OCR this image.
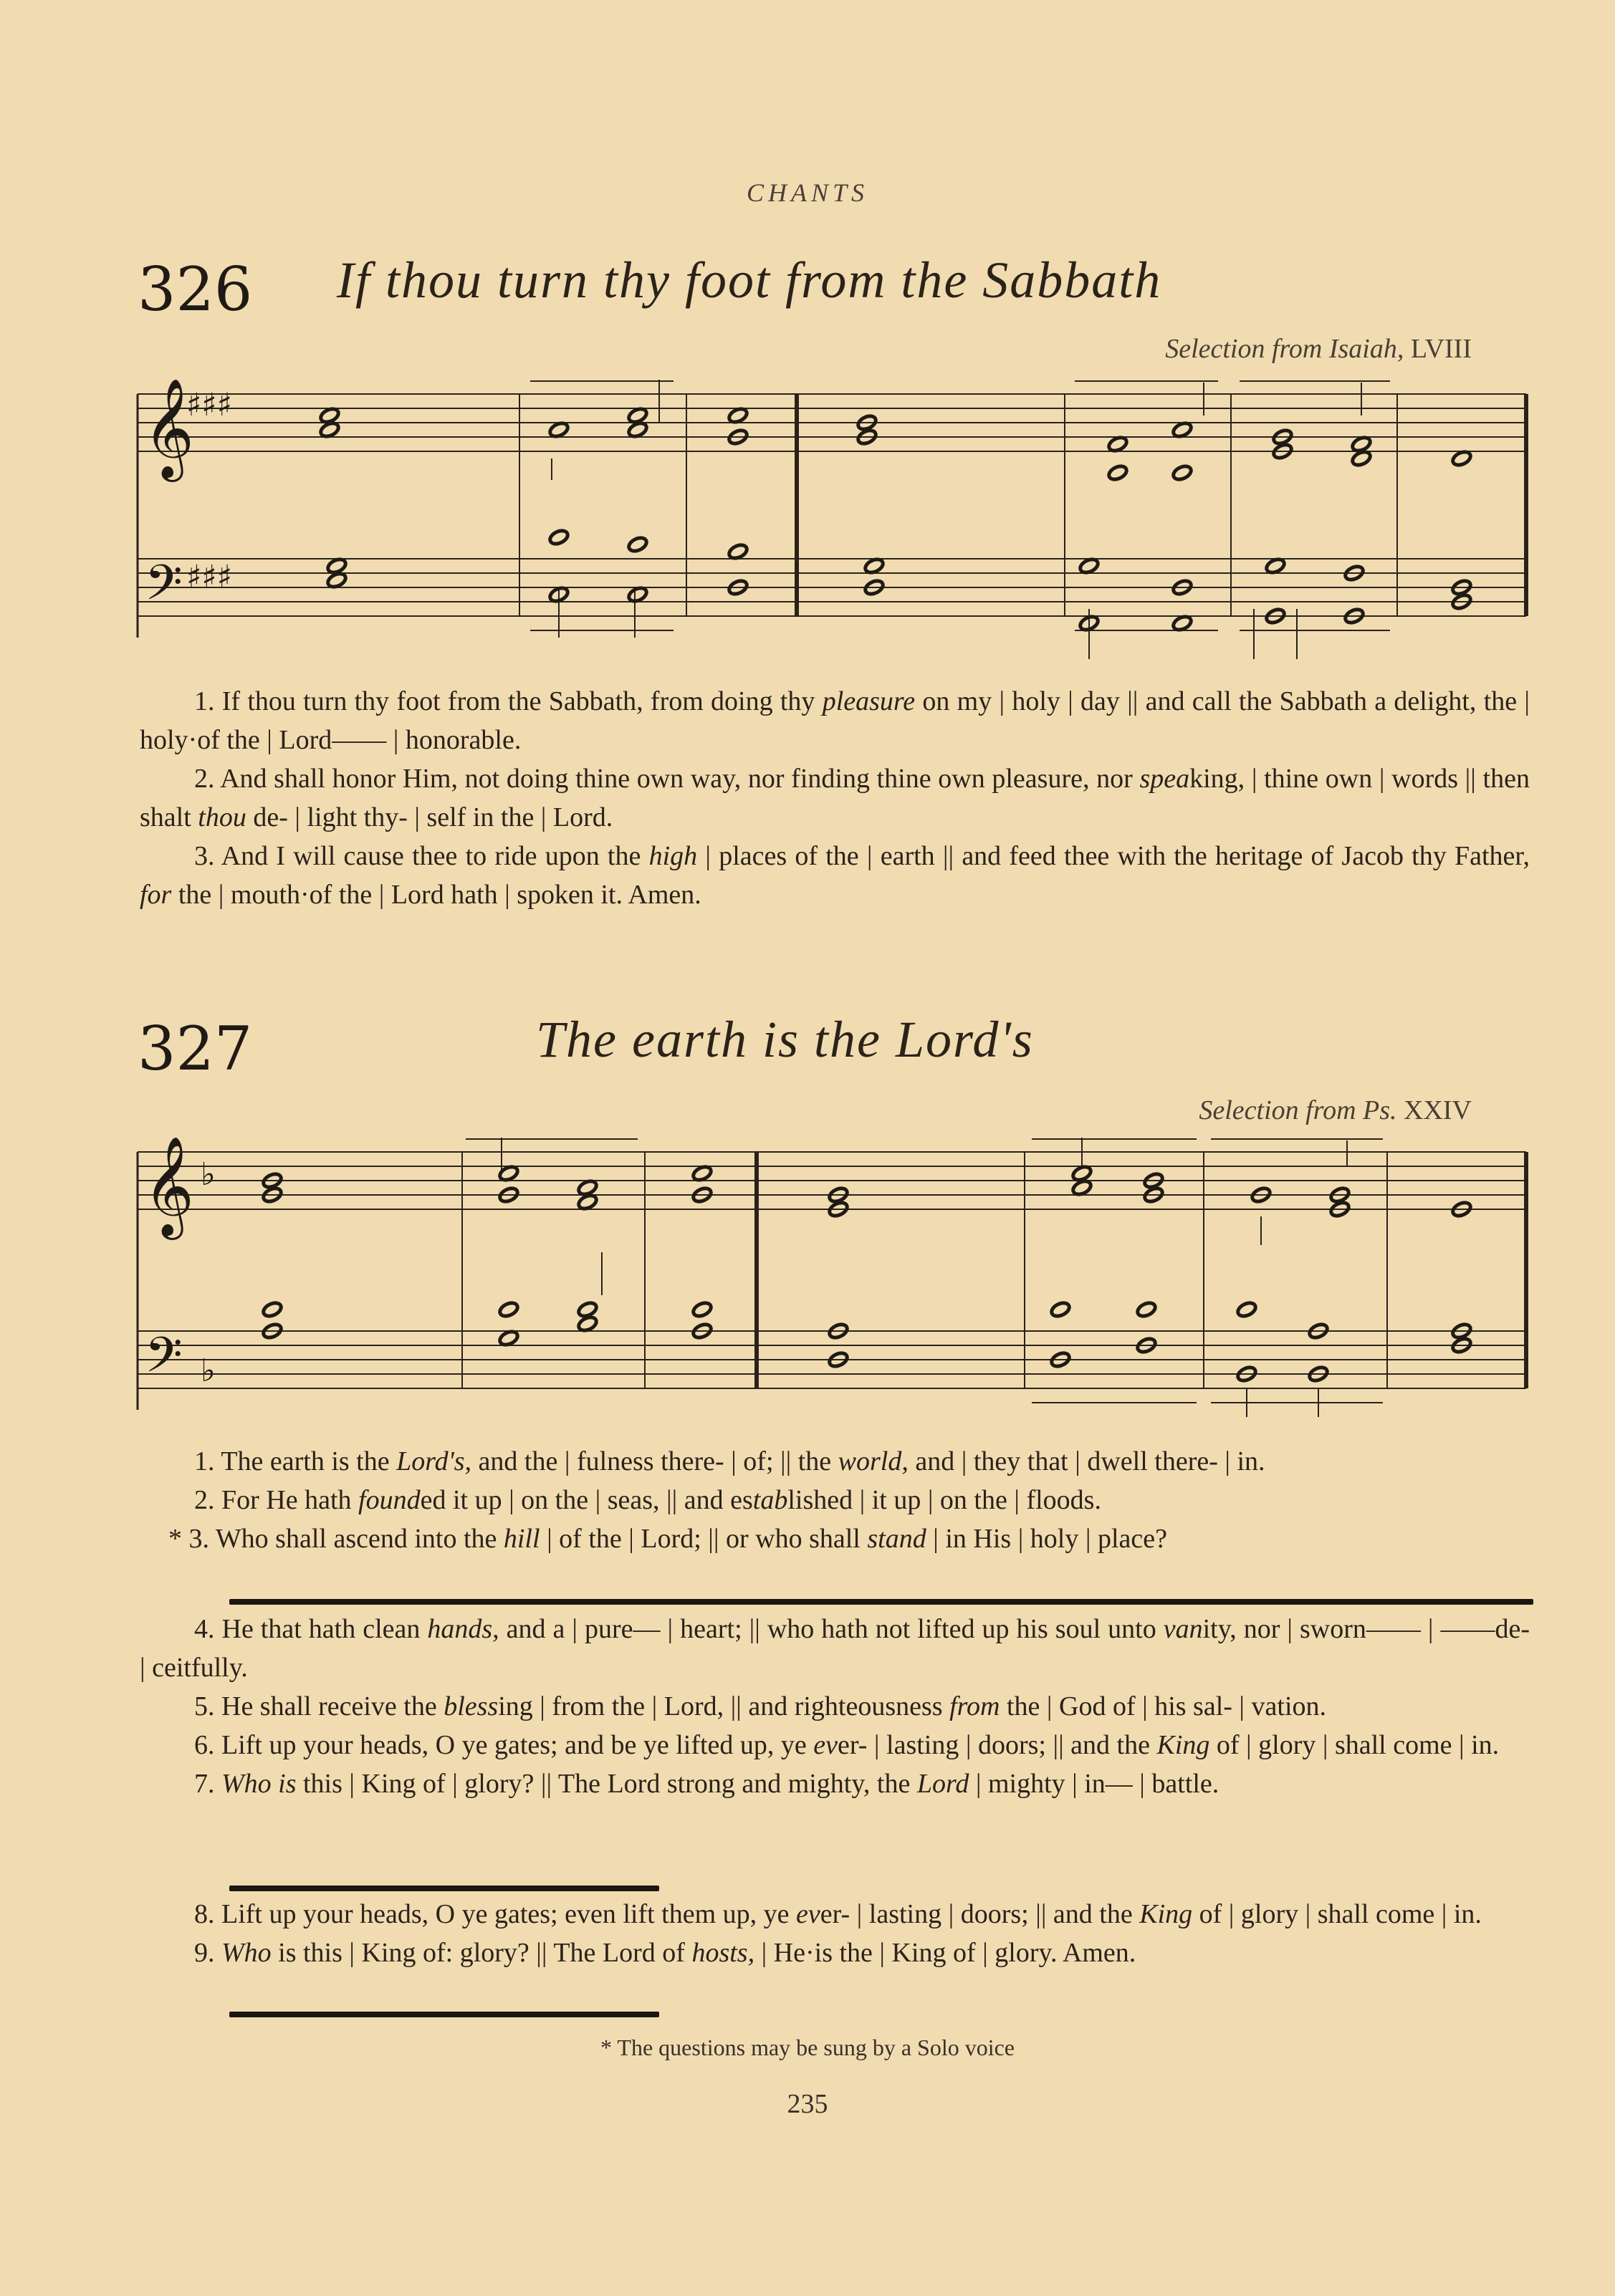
CHANTS
326 If thou turn thy foot from the Sabbath
Selection from Isaiah, LVIII
𝄞
𝄢
♯♯♯
♯♯♯

1. If thou turn thy foot from the Sabbath, from doing thy pleasure on my | holy | day || and call the Sabbath a delight, the | holy·of the | Lord—— | honorable.

2. And shall honor Him, not doing thine own way, nor finding thine own pleasure, nor speaking, | thine own | words || then shalt thou de- | light thy- | self in the | Lord.

3. And I will cause thee to ride upon the high | places of the | earth || and feed thee with the heritage of Jacob thy Father, for the | mouth·of the | Lord hath | spoken it. Amen.

327	The earth is the Lord's
Selection from Ps. XXIV
𝄞
𝄢
♭
♭

1. The earth is the Lord's, and the | fulness there- | of; || the world, and | they that | dwell there- | in.

2. For He hath founded it up | on the | seas, || and established | it up | on the | floods.

* 3. Who shall ascend into the hill | of the | Lord; || or who shall stand | in His | holy | place?

4. He that hath clean hands, and a | pure— | heart; || who hath not lifted up his soul unto vanity, nor | sworn—— | ——de- | ceitfully.

5. He shall receive the blessing | from the | Lord, || and righteousness from the | God of | his sal- | vation.

6. Lift up your heads, O ye gates; and be ye lifted up, ye ever- | lasting | doors; || and the King of | glory | shall come | in.

7. Who is this | King of | glory? || The Lord strong and mighty, the Lord | mighty | in— | battle.

8. Lift up your heads, O ye gates; even lift them up, ye ever- | lasting | doors; || and the King of | glory | shall come | in.

9. Who is this | King of: glory? || The Lord of hosts, | He·is the | King of | glory. Amen.

* The questions may be sung by a Solo voice
235
